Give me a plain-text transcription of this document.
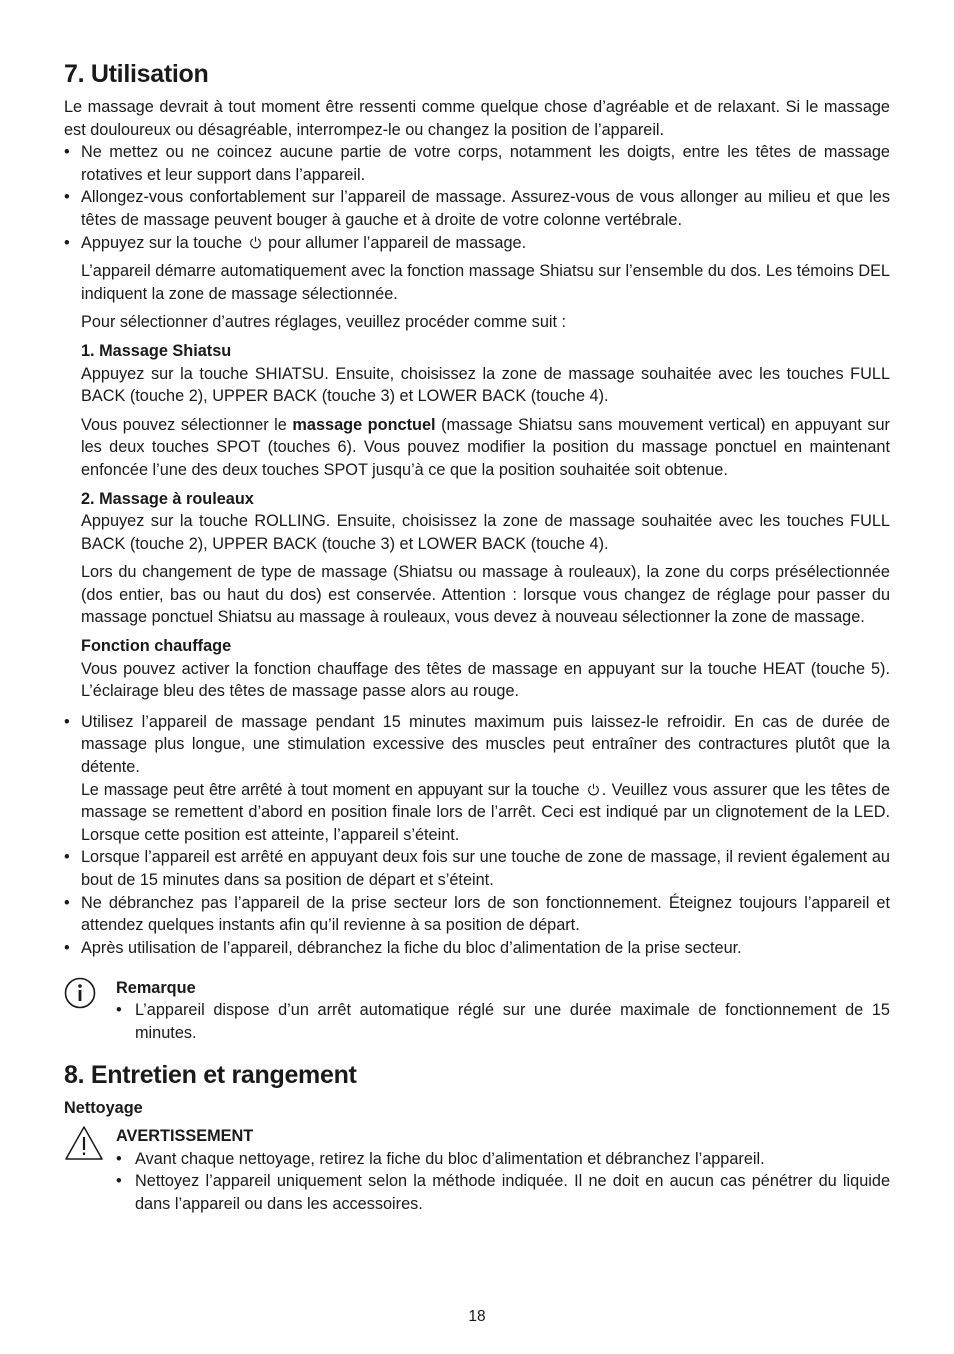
7. Utilisation

Le massage devrait à tout moment être ressenti comme quelque chose d’agréable et de relaxant. Si le massage est douloureux ou désagréable, interrompez-le ou changez la position de l’appareil.

• Ne mettez ou ne coincez aucune partie de votre corps, notamment les doigts, entre les têtes de massage rotatives et leur support dans l’appareil.
• Allongez-vous confortablement sur l’appareil de massage. Assurez-vous de vous allonger au milieu et que les têtes de massage peuvent bouger à gauche et à droite de votre colonne vertébrale.
• Appuyez sur la touche pour allumer l’appareil de massage.

L’appareil démarre automatiquement avec la fonction massage Shiatsu sur l’ensemble du dos. Les témoins DEL indiquent la zone de massage sélectionnée.

Pour sélectionner d’autres réglages, veuillez procéder comme suit :

1. Massage Shiatsu

Appuyez sur la touche SHIATSU. Ensuite, choisissez la zone de massage souhaitée avec les touches FULL BACK (touche 2), UPPER BACK (touche 3) et LOWER BACK (touche 4).

Vous pouvez sélectionner le massage ponctuel (massage Shiatsu sans mouvement vertical) en appuyant sur les deux touches SPOT (touches 6). Vous pouvez modifier la position du massage ponctuel en maintenant enfoncée l’une des deux touches SPOT jusqu’à ce que la position souhaitée soit obtenue.

2. Massage à rouleaux

Appuyez sur la touche ROLLING. Ensuite, choisissez la zone de massage souhaitée avec les touches FULL BACK (touche 2), UPPER BACK (touche 3) et LOWER BACK (touche 4).

Lors du changement de type de massage (Shiatsu ou massage à rouleaux), la zone du corps présélectionnée (dos entier, bas ou haut du dos) est conservée. Attention : lorsque vous changez de réglage pour passer du massage ponctuel Shiatsu au massage à rouleaux, vous devez à nouveau sélectionner la zone de massage.

Fonction chauffage

Vous pouvez activer la fonction chauffage des têtes de massage en appuyant sur la touche HEAT (touche 5). L’éclairage bleu des têtes de massage passe alors au rouge.

• Utilisez l’appareil de massage pendant 15 minutes maximum puis laissez-le refroidir. En cas de durée de massage plus longue, une stimulation excessive des muscles peut entraîner des contractures plutôt que la détente.
Le massage peut être arrêté à tout moment en appuyant sur la touche . Veuillez vous assurer que les têtes de massage se remettent d’abord en position finale lors de l’arrêt. Ceci est indiqué par un clignotement de la LED. Lorsque cette position est atteinte, l’appareil s’éteint.
• Lorsque l’appareil est arrêté en appuyant deux fois sur une touche de zone de massage, il revient également au bout de 15 minutes dans sa position de départ et s’éteint.
• Ne débranchez pas l’appareil de la prise secteur lors de son fonctionnement. Éteignez toujours l’appareil et attendez quelques instants afin qu’il revienne à sa position de départ.
• Après utilisation de l’appareil, débranchez la fiche du bloc d’alimentation de la prise secteur.
Remarque
• L’appareil dispose d’un arrêt automatique réglé sur une durée maximale de fonctionnement de 15 minutes.
8. Entretien et rangement
Nettoyage
AVERTISSEMENT
• Avant chaque nettoyage, retirez la fiche du bloc d’alimentation et débranchez l’appareil.
• Nettoyez l’appareil uniquement selon la méthode indiquée. Il ne doit en aucun cas pénétrer du liquide dans l’appareil ou dans les accessoires.
18
